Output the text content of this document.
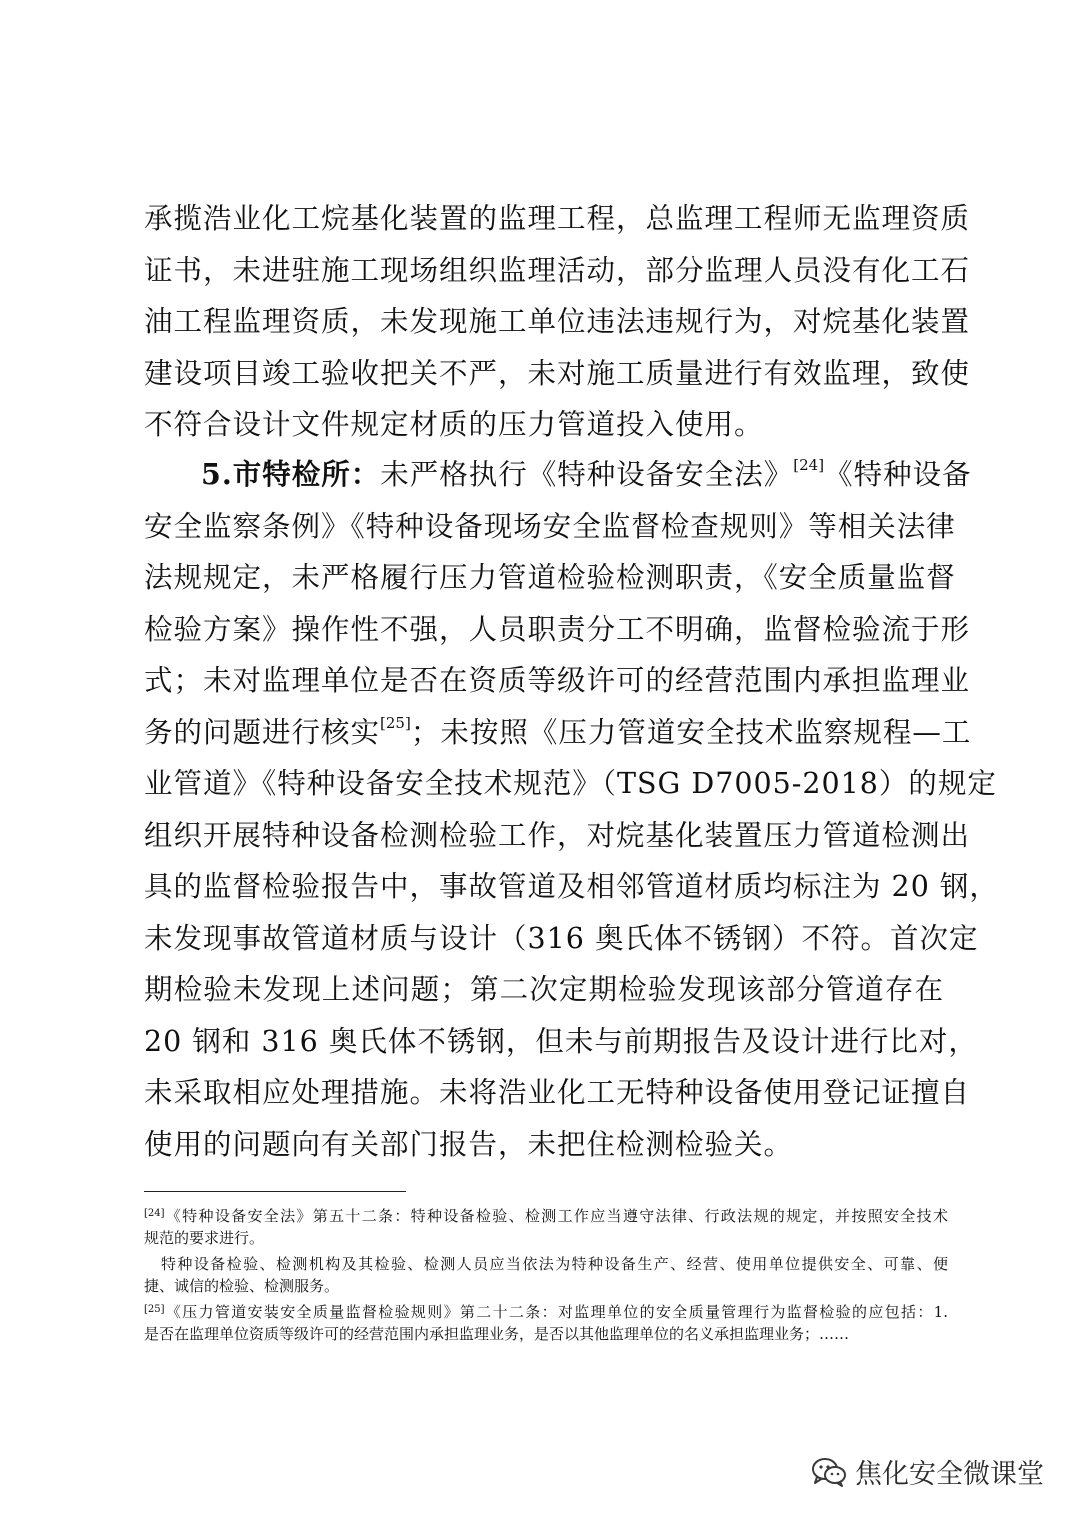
承揽浩业化工烷基化装置的监理工程，总监理工程师无监理资质
证书，未进驻施工现场组织监理活动，部分监理人员没有化工石
油工程监理资质，未发现施工单位违法违规行为，对烷基化装置
建设项目竣工验收把关不严，未对施工质量进行有效监理，致使
不符合设计文件规定材质的压力管道投入使用。
5.市特检所：未严格执行《特种设备安全法》[24]《特种设备
安全监察条例》《特种设备现场安全监督检查规则》等相关法律
法规规定，未严格履行压力管道检验检测职责，《安全质量监督
检验方案》操作性不强，人员职责分工不明确，监督检验流于形
式；未对监理单位是否在资质等级许可的经营范围内承担监理业
务的问题进行核实[25]；未按照《压力管道安全技术监察规程—工
业管道》《特种设备安全技术规范》（TSG D7005-2018）的规定
组织开展特种设备检测检验工作，对烷基化装置压力管道检测出
具的监督检验报告中，事故管道及相邻管道材质均标注为 20 钢，
未发现事故管道材质与设计（316 奥氏体不锈钢）不符。首次定
期检验未发现上述问题；第二次定期检验发现该部分管道存在
20 钢和 316 奥氏体不锈钢，但未与前期报告及设计进行比对，
未采取相应处理措施。未将浩业化工无特种设备使用登记证擅自
使用的问题向有关部门报告，未把住检测检验关。
[24]《特种设备安全法》第五十二条：特种设备检验、检测工作应当遵守法律、行政法规的规定，并按照安全技术
规范的要求进行。
特种设备检验、检测机构及其检验、检测人员应当依法为特种设备生产、经营、使用单位提供安全、可靠、便
捷、诚信的检验、检测服务。
[25]《压力管道安装安全质量监督检验规则》第二十二条：对监理单位的安全质量管理行为监督检验的应包括：1.
是否在监理单位资质等级许可的经营范围内承担监理业务，是否以其他监理单位的名义承担监理业务；……
焦化安全微课堂
